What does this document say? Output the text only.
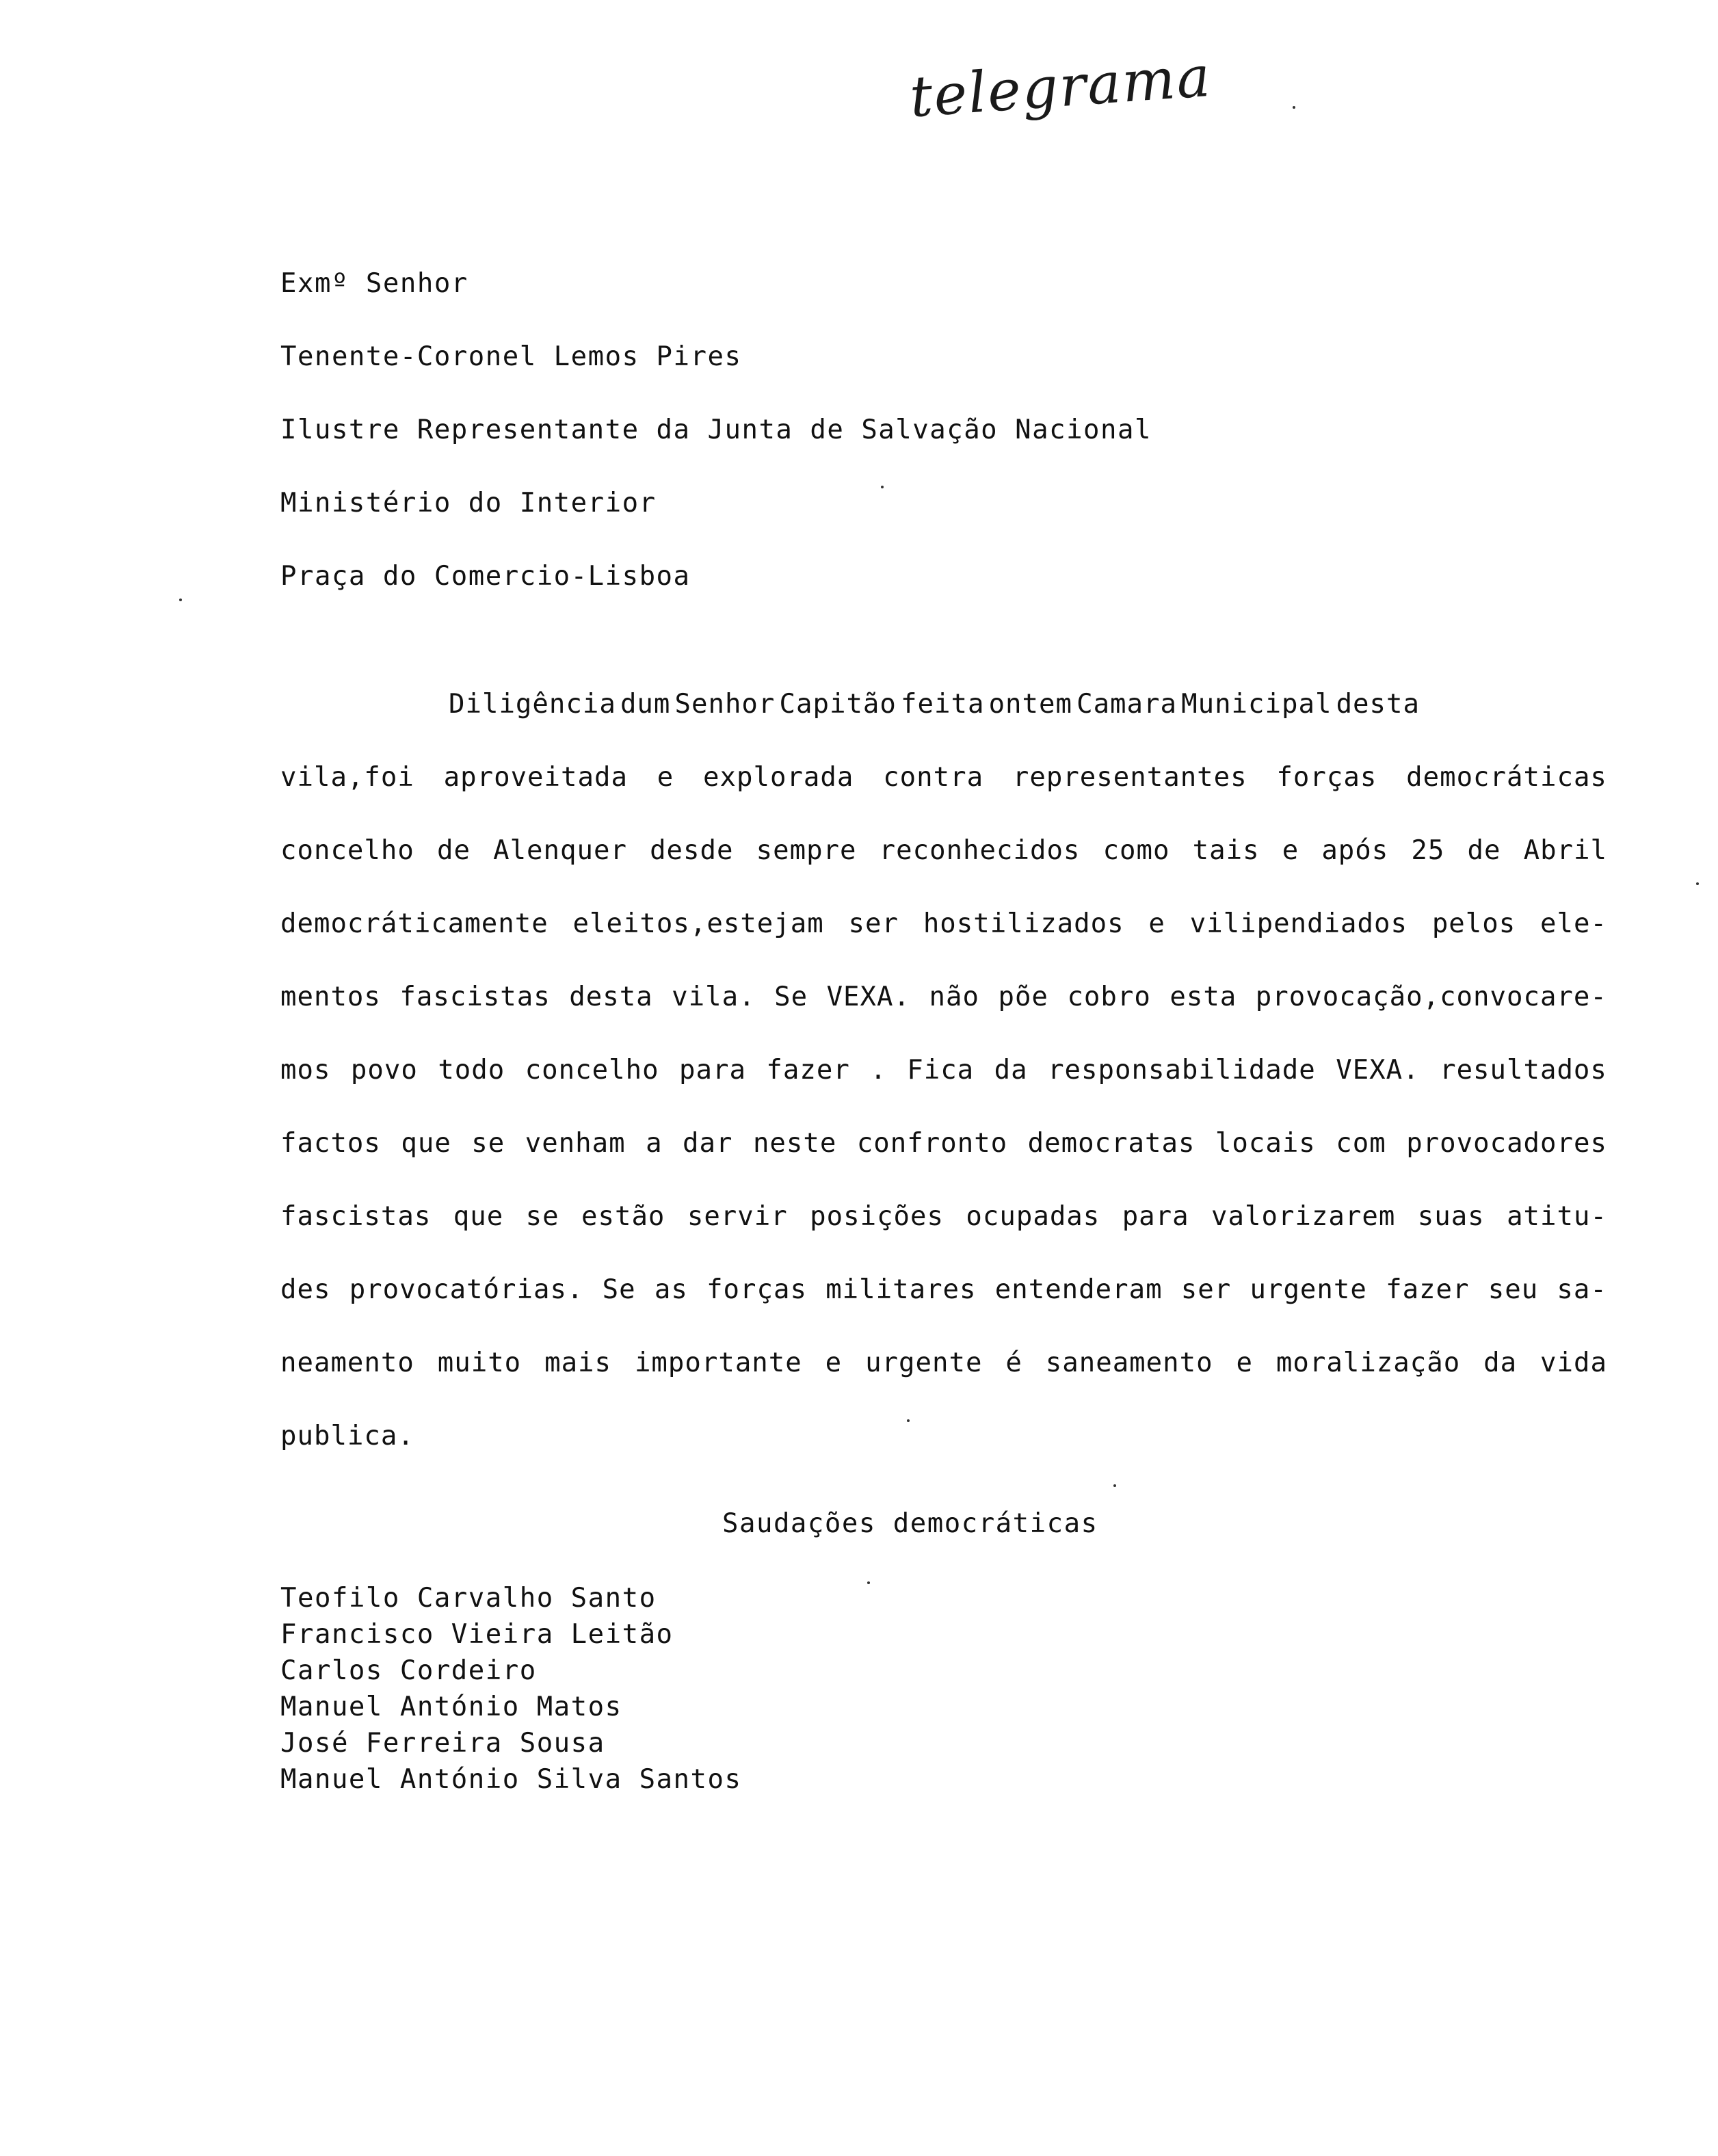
telegrama
Exmº Senhor
Tenente-Coronel Lemos Pires
Ilustre Representante da Junta de Salvação Nacional
Ministério do Interior
Praça do Comercio-Lisboa
Diligência dum Senhor Capitão feita ontem Camara Municipal desta
vila,foi aproveitada e explorada contra representantes forças democráticas
concelho de Alenquer desde sempre reconhecidos como tais e após 25 de Abril
democráticamente eleitos,estejam ser hostilizados e vilipendiados pelos ele-
mentos fascistas desta vila. Se VEXA. não põe cobro esta provocação,convocare-
mos povo todo concelho para fazer . Fica da responsabilidade VEXA. resultados
factos que se venham a dar neste confronto democratas locais com provocadores
fascistas que se estão servir posições ocupadas para valorizarem suas atitu-
des provocatórias. Se as forças militares entenderam ser urgente fazer seu sa-
neamento muito mais importante e urgente é saneamento e moralização da vida
publica.
Saudações democráticas
Teofilo Carvalho Santo
Francisco Vieira Leitão
Carlos Cordeiro
Manuel António Matos
José Ferreira Sousa
Manuel António Silva Santos
